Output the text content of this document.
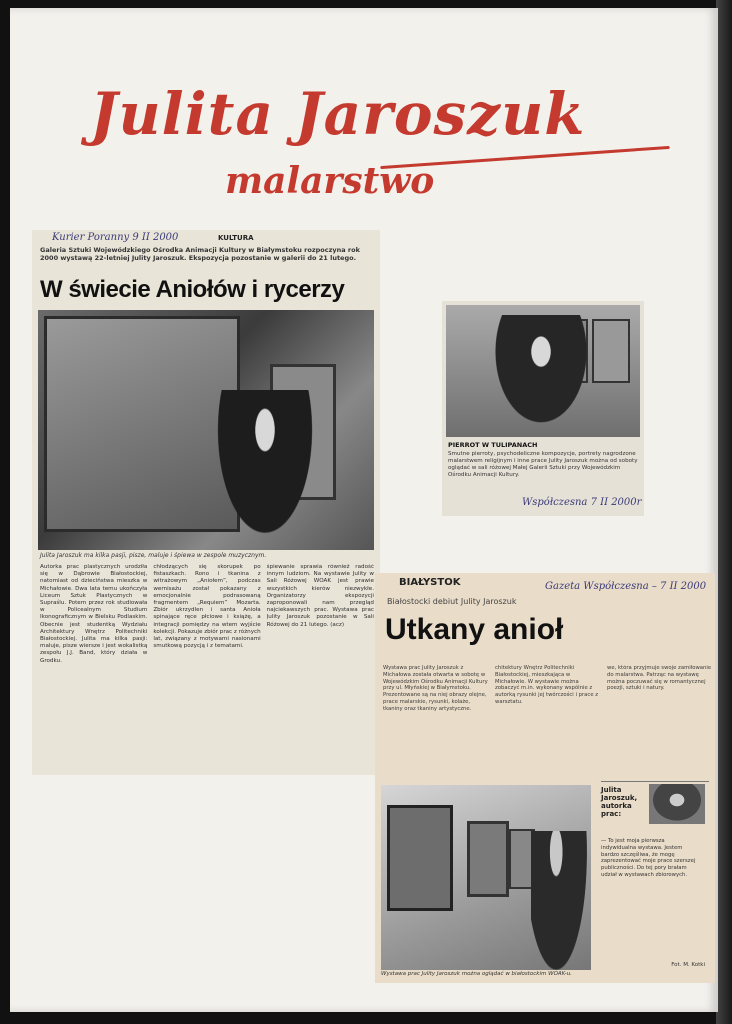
Julita Jaroszuk
malarstwo
Kurier Poranny 9 II 2000	KULTURA
Galeria Sztuki Wojewódzkiego Ośrodka Animacji Kultury w Białymstoku rozpoczyna rok 2000 wystawą 22-letniej Julity Jaroszuk. Ekspozycja pozostanie w galerii do 21 lutego.
W świecie Aniołów i rycerzy
Julita Jaroszuk ma kilka pasji, pisze, maluje i śpiewa w zespole muzycznym.
Autorka prac plastycznych urodziła się w Dąbrowie Białostockiej, natomiast od dzieciństwa mieszka w Michałowie. Dwa lata temu ukończyła Liceum Sztuk Plastycznych w Supraślu. Potem przez rok studiowała w Policealnym Studium Ikonograficznym w Bielsku Podlaskim. Obecnie jest studentką Wydziału Architektury Wnętrz Politechniki Białostockiej. Julita ma kilka pasji: maluje, pisze wiersze i jest wokalistką zespołu J.J. Band, który działa w Grodku.
chłodzących się skorupek po fistaszkach. Rono i tkanina z witrażowym „Aniołem”, podczas wernisażu został pokazany z emocjonalnie podrasowaną fragmentem „Requiem” Mozarta. Zbiór ukrzydlen i santa Anioła spinające ręce płciowe i książę, a integracji pomiędzy na wtem wyjście kolekcji. Pokazuje zbiór prac z różnych lat, związany z motywami nasionami smutkową pozycją i z tematami.
śpiewanie sprawia również radość innym ludziom. Na wystawie Julity w Sali Różowej WOAK jest prawie wszystkich kierów niezwykłe. Organizatorzy ekspozycji zaproponowali nam przegląd najciekawszych prac. Wystawa prac Julity Jaroszuk pozostanie w Sali Różowej do 21 lutego. (acz)
PIERROT W TULIPANACH
Smutne pierroty, psychodeliczne kompozycje, portrety nagrodzone malarstwem religijnym i inne prace Julity Jaroszuk można od soboty oglądać w sali różowej Małej Galerii Sztuki przy Wojewódzkim Ośrodku Animacji Kultury.
Współczesna 7 II 2000r
BIAŁYSTOK	Gazeta Współczesna – 7 II 2000
Białostocki debiut Julity Jaroszuk
Utkany anioł
Wystawa prac Julity Jaroszuk z Michałowa została otwarta w sobotę w Wojewódzkim Ośrodku Animacji Kultury przy ul. Młyńskiej w Białymstoku. Prezentowane są na niej obrazy olejne, prace malarskie, rysunki, kolaże, tkaniny oraz tkaniny artystyczne.
chitektury Wnętrz Politechniki Białostockiej, mieszkająca w Michałowie. W wystawie można zobaczyć m.in. wykonany wspólnie z autorką rysunki jej twórczości i prace z warsztatu.
we, która przyjmuje swoje zamiłowanie do malarstwa. Patrząc na wystawę można poczuwać się w romantycznej poezji, sztuki i natury.
Wystawa prac Julity Jaroszuk można oglądać w białostockim WOAK-u.
Julita Jaroszuk, autorka prac:
— To jest moja pierwsza indywidualna wystawa. Jestem bardzo szczęśliwa, że mogę zaprezentować moje prace szerszej publiczności. Do tej pory brałam udział w wystawach zbiorowych.
Fot. M. Kotki
